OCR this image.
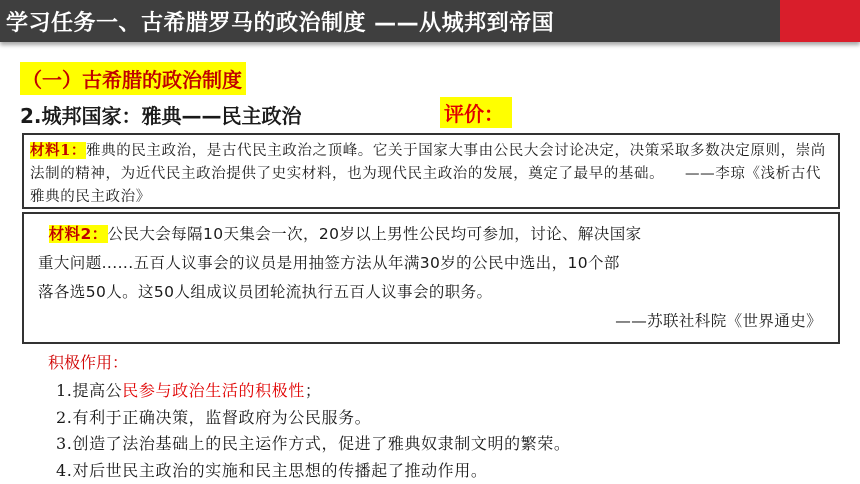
学习任务一、古希腊罗马的政治制度 ——从城邦到帝国
（一）古希腊的政治制度
2.城邦国家：雅典——民主政治	评价：

材料1：雅典的民主政治，是古代民主政治之顶峰。它关于国家大事由公民大会讨论决定，决策采取多数决定原则，崇尚法制的精神，为近代民主政治提供了史实材料，也为现代民主政治的发展，奠定了最早的基础。 ——李琼《浅析古代雅典的民主政治》

材料2：公民大会每隔10天集会一次，20岁以上男性公民均可参加，讨论、解决国家
重大问题......五百人议事会的议员是用抽签方法从年满30岁的公民中选出，10个部
落各选50人。这50人组成议员团轮流执行五百人议事会的职务。
——苏联社科院《世界通史》
积极作用：
1.提高公民参与政治生活的积极性；
2.有利于正确决策，监督政府为公民服务。
3.创造了法治基础上的民主运作方式，促进了雅典奴隶制文明的繁荣。
4.对后世民主政治的实施和民主思想的传播起了推动作用。
